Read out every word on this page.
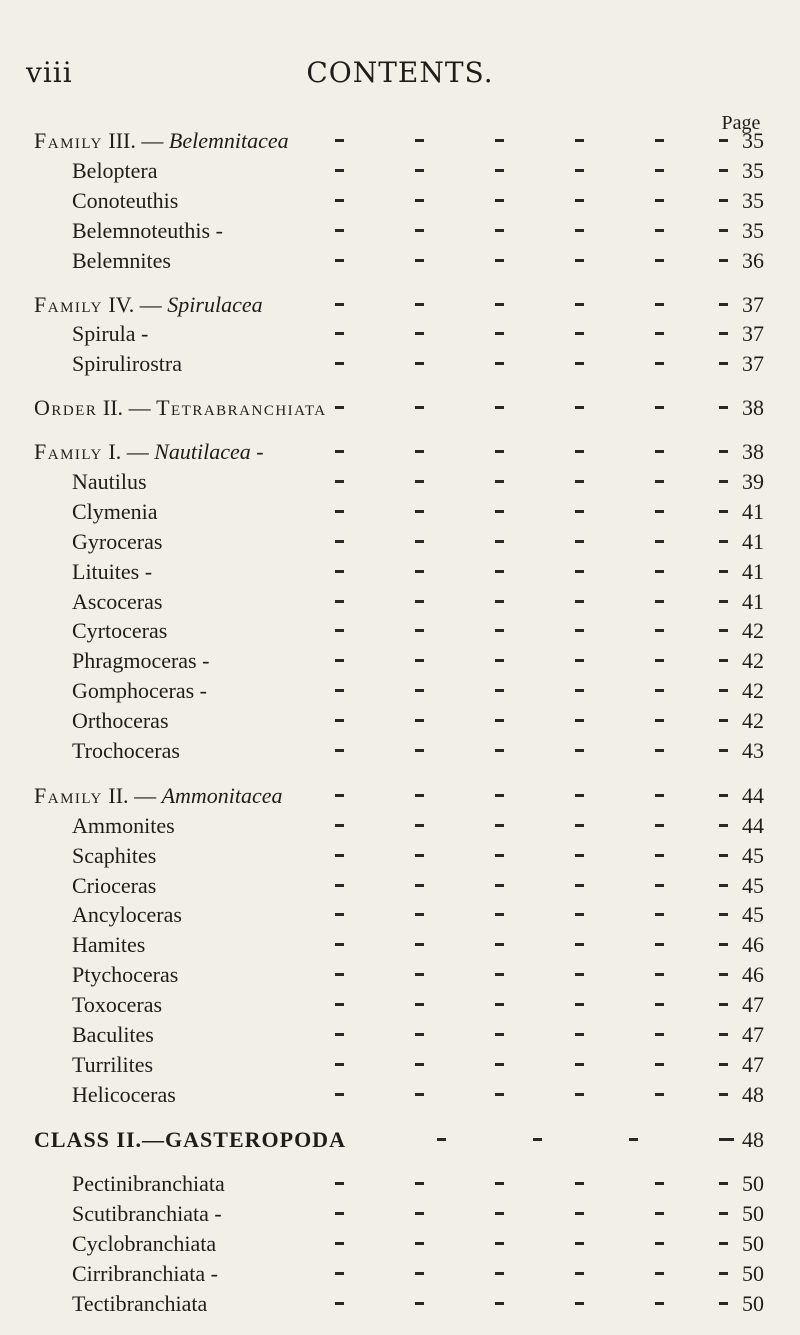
viii	CONTENTS.
Page
Family III. — Belemnitacea	35
Beloptera	35
Conoteuthis	35
Belemnoteuthis -	35
Belemnites	36
Family IV. — Spirulacea	37
Spirula -	37
Spirulirostra	37
Order II. — Tetrabranchiata	38
Family I. — Nautilacea -	38
Nautilus	39
Clymenia	41
Gyroceras	41
Lituites -	41
Ascoceras	41
Cyrtoceras	42
Phragmoceras -	42
Gomphoceras -	42
Orthoceras	42
Trochoceras	43
Family II. — Ammonitacea	44
Ammonites	44
Scaphites	45
Crioceras	45
Ancyloceras	45
Hamites	46
Ptychoceras	46
Toxoceras	47
Baculites	47
Turrilites	47
Helicoceras	48
CLASS II.—GASTEROPODA	48
Pectinibranchiata	50
Scutibranchiata -	50
Cyclobranchiata	50
Cirribranchiata -	50
Tectibranchiata	50
